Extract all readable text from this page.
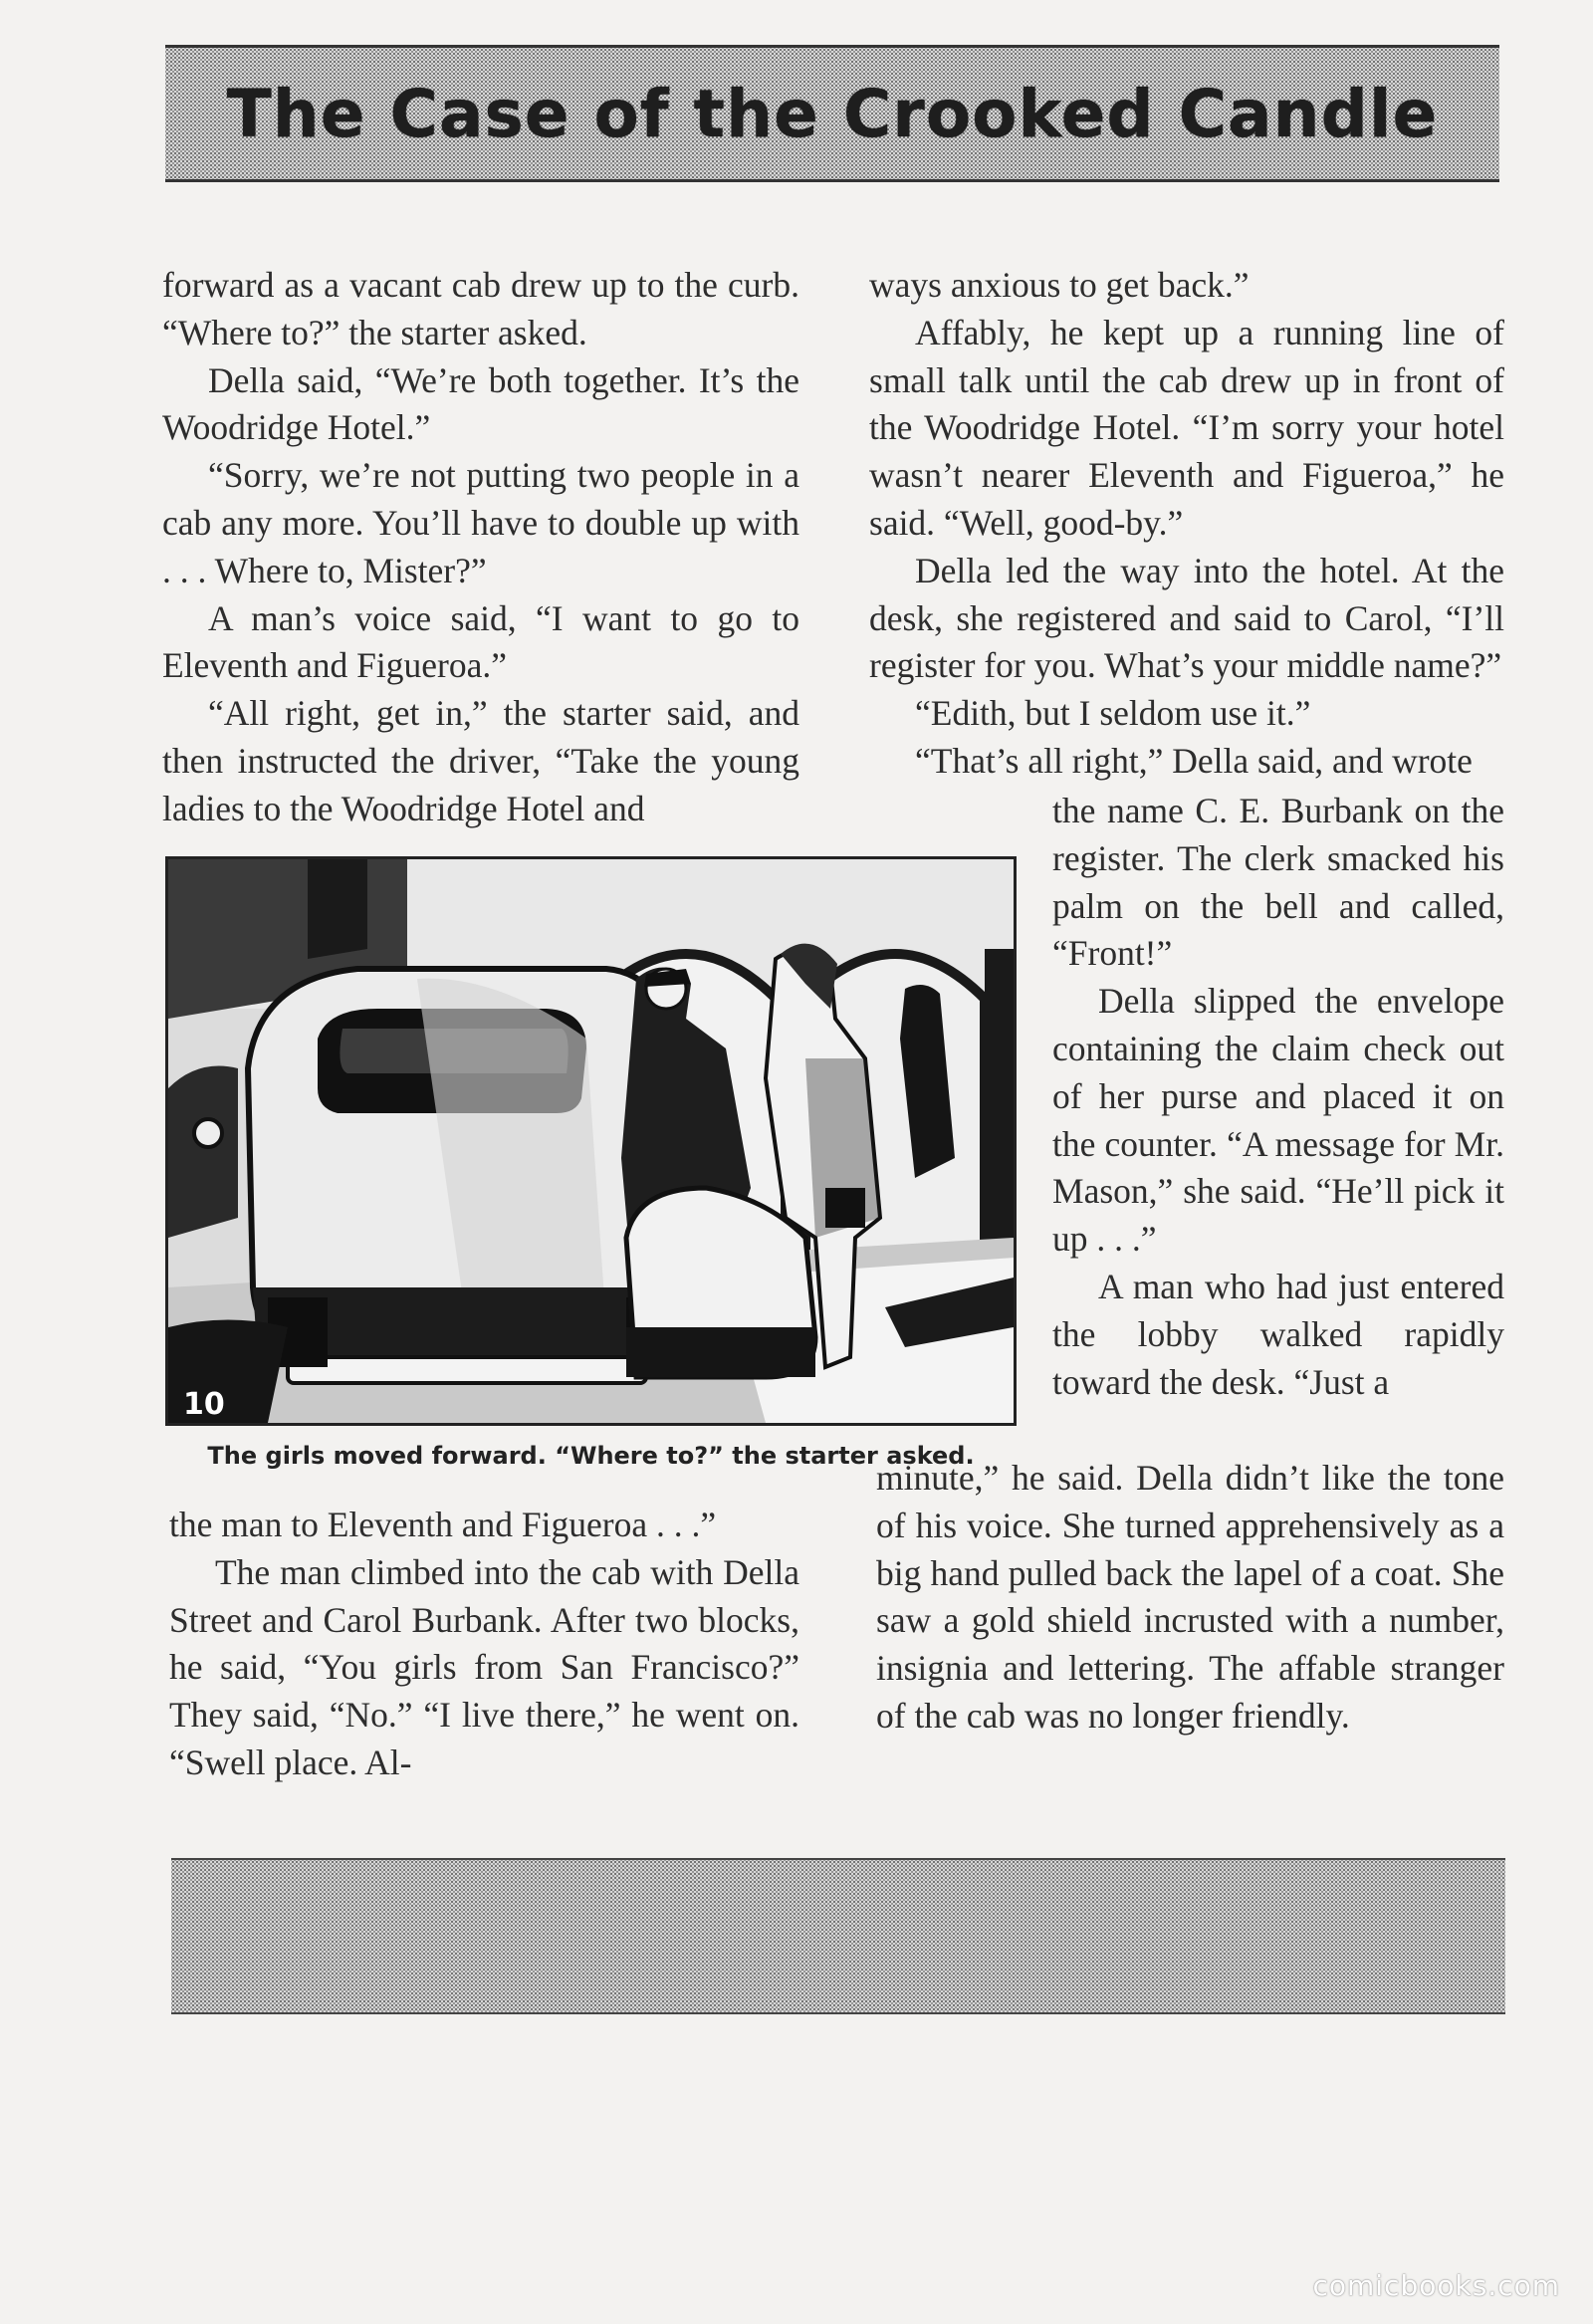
The Case of the Crooked Candle

forward as a vacant cab drew up to the curb. “Where to?” the starter asked.

Della said, “We’re both together. It’s the Woodridge Hotel.”

“Sorry, we’re not putting two people in a cab any more. You’ll have to double up with . . . Where to, Mister?”

A man’s voice said, “I want to go to Eleventh and Figueroa.”

“All right, get in,” the starter said, and then instructed the driver, “Take the young ladies to the Woodridge Hotel and

10
The girls moved forward. “Where to?” the starter asked.

the man to Eleventh and Figueroa . . .”

The man climbed into the cab with Della Street and Carol Burbank. After two blocks, he said, “You girls from San Francisco?” They said, “No.” “I live there,” he went on. “Swell place. Al-

ways anxious to get back.”

Affably, he kept up a running line of small talk until the cab drew up in front of the Woodridge Hotel. “I’m sorry your hotel wasn’t nearer Eleventh and Figueroa,” he said. “Well, good-by.”

Della led the way into the hotel. At the desk, she registered and said to Carol, “I’ll register for you. What’s your middle name?”

“Edith, but I seldom use it.”

“That’s all right,” Della said, and wrote

the name C. E. Burbank on the register. The clerk smacked his palm on the bell and called, “Front!”

Della slipped the envelope containing the claim check out of her purse and placed it on the counter. “A message for Mr. Mason,” she said. “He’ll pick it up . . .”

A man who had just entered the lobby walked rapidly toward the desk. “Just a

minute,” he said. Della didn’t like the tone of his voice. She turned apprehensively as a big hand pulled back the lapel of a coat. She saw a gold shield incrusted with a number, insignia and lettering. The affable stranger of the cab was no longer friendly.

comicbooks.com
